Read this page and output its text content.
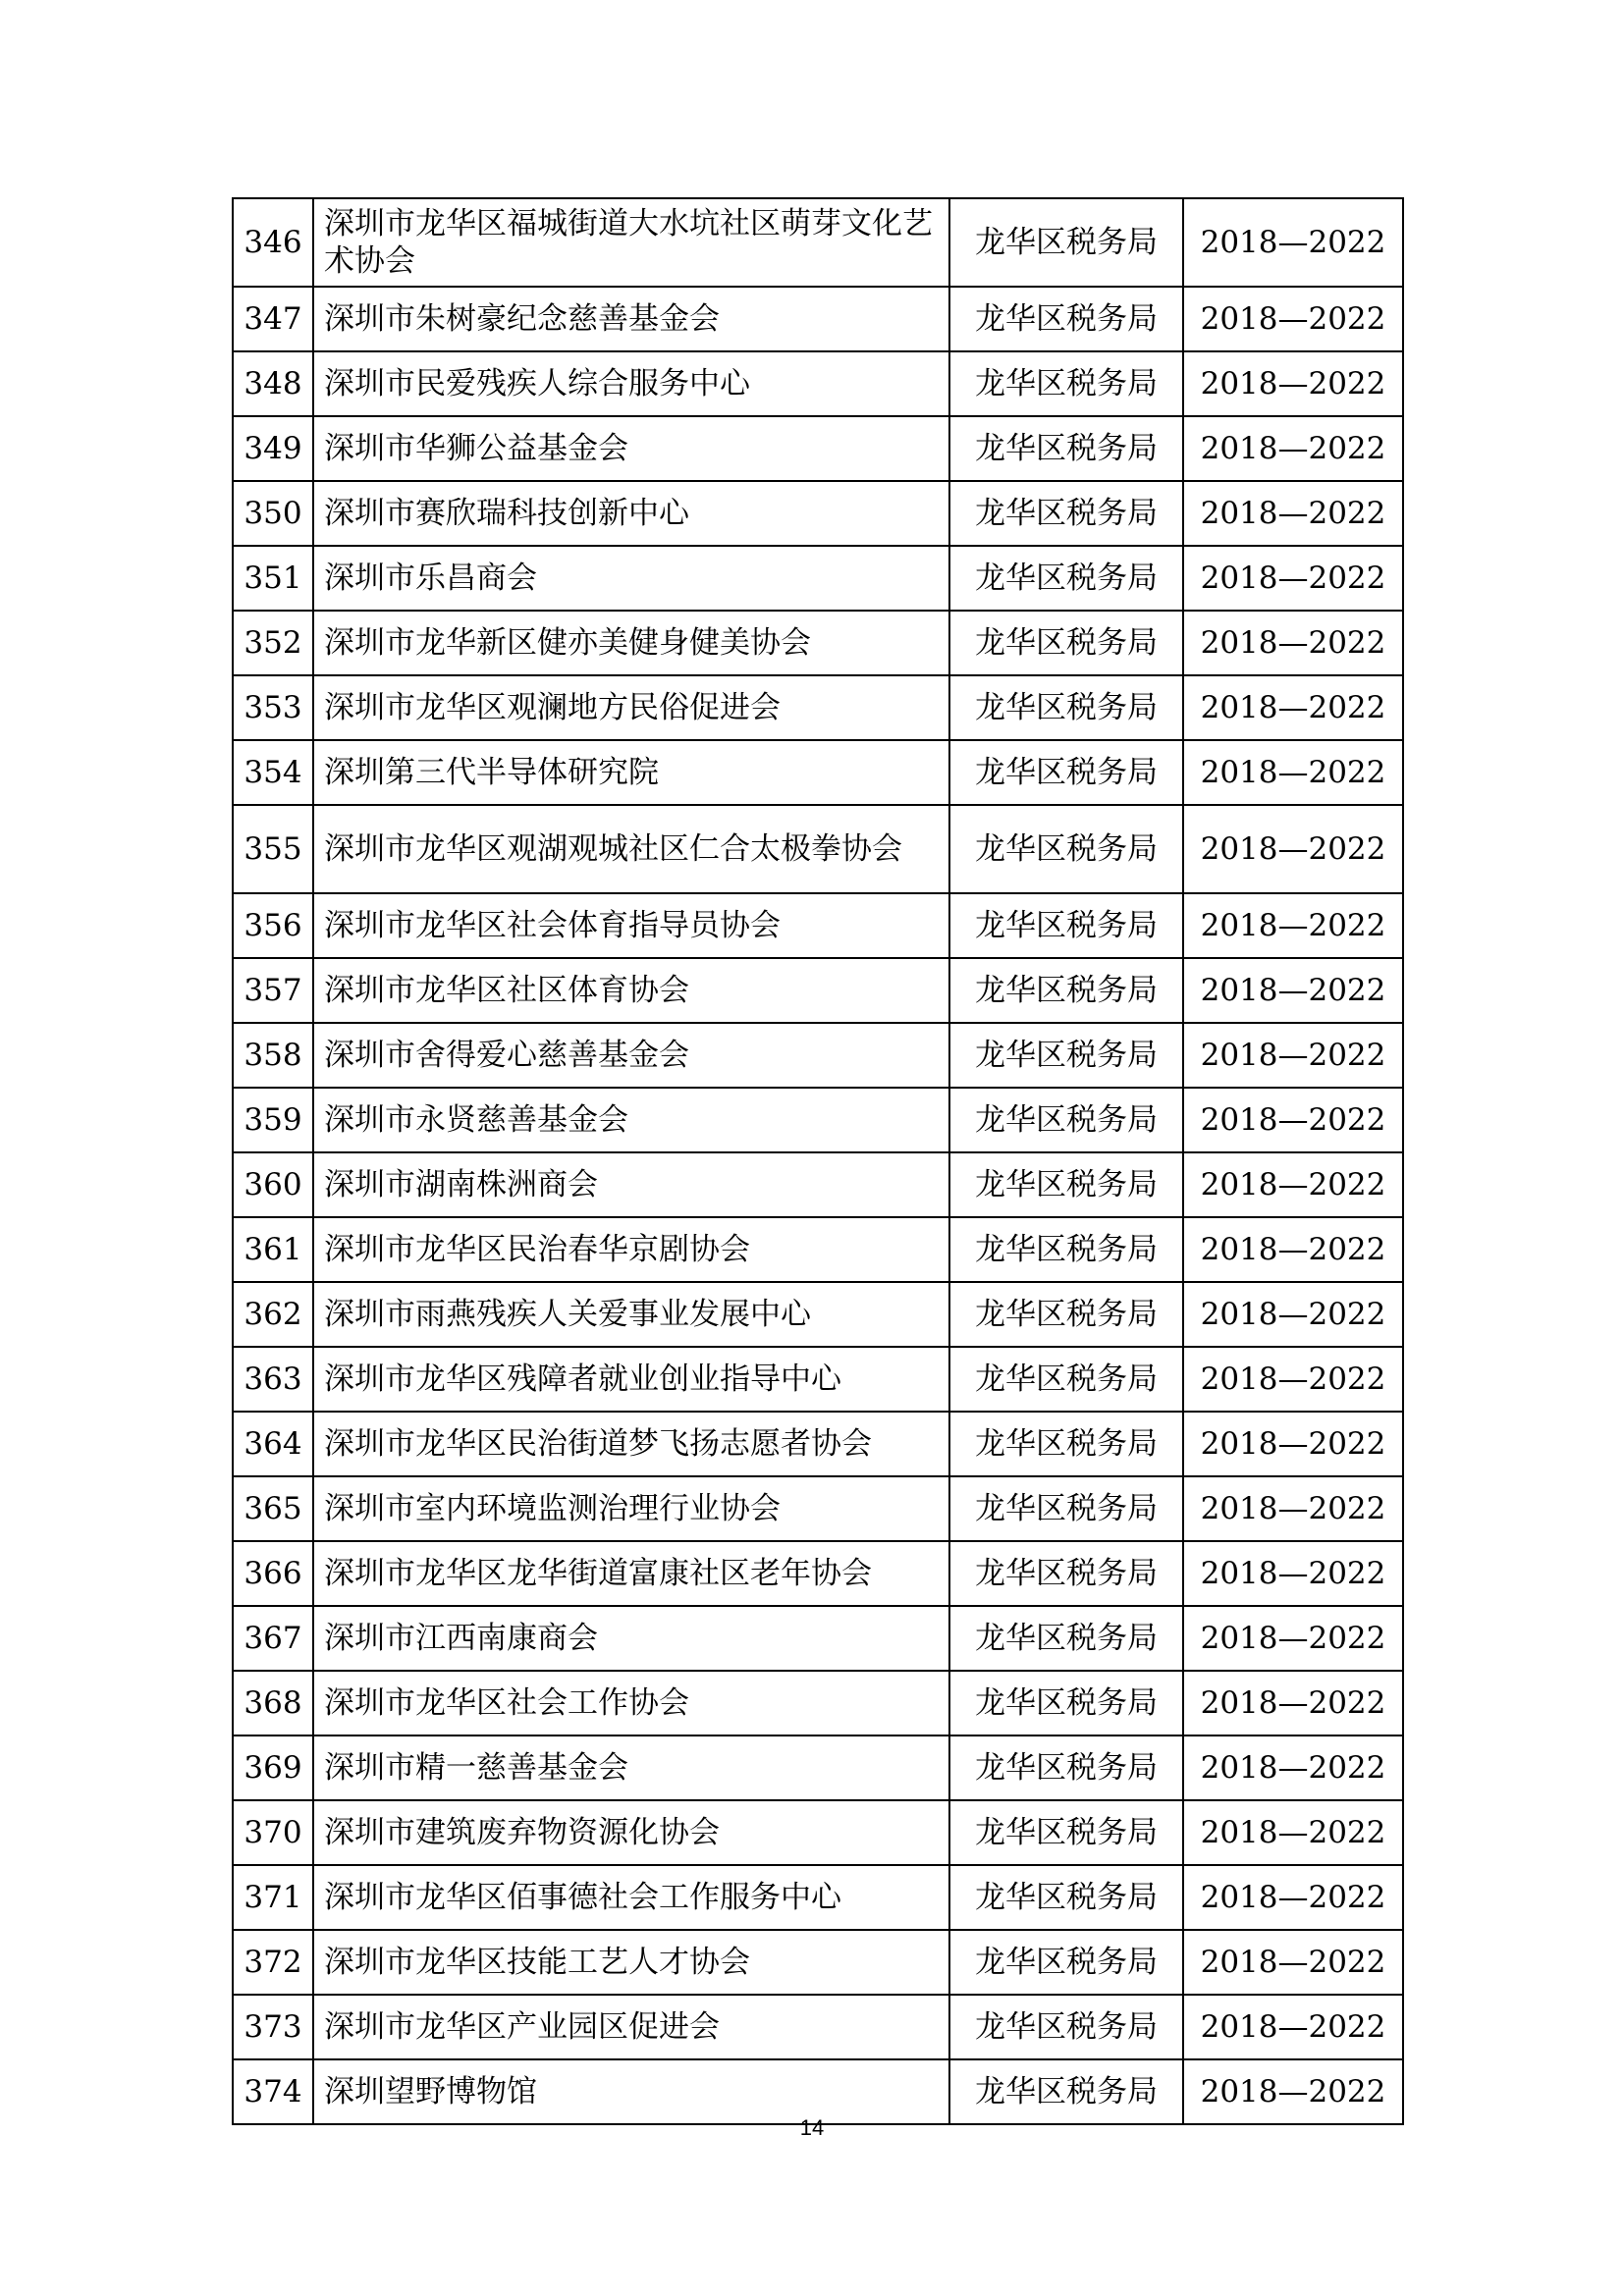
346	深圳市龙华区福城街道大水坑社区萌芽文化艺术协会	龙华区税务局	2018—2022
347	深圳市朱树豪纪念慈善基金会	龙华区税务局	2018—2022
348	深圳市民爱残疾人综合服务中心	龙华区税务局	2018—2022
349	深圳市华狮公益基金会	龙华区税务局	2018—2022
350	深圳市赛欣瑞科技创新中心	龙华区税务局	2018—2022
351	深圳市乐昌商会	龙华区税务局	2018—2022
352	深圳市龙华新区健亦美健身健美协会	龙华区税务局	2018—2022
353	深圳市龙华区观澜地方民俗促进会	龙华区税务局	2018—2022
354	深圳第三代半导体研究院	龙华区税务局	2018—2022
355	深圳市龙华区观湖观城社区仁合太极拳协会	龙华区税务局	2018—2022
356	深圳市龙华区社会体育指导员协会	龙华区税务局	2018—2022
357	深圳市龙华区社区体育协会	龙华区税务局	2018—2022
358	深圳市舍得爱心慈善基金会	龙华区税务局	2018—2022
359	深圳市永贤慈善基金会	龙华区税务局	2018—2022
360	深圳市湖南株洲商会	龙华区税务局	2018—2022
361	深圳市龙华区民治春华京剧协会	龙华区税务局	2018—2022
362	深圳市雨燕残疾人关爱事业发展中心	龙华区税务局	2018—2022
363	深圳市龙华区残障者就业创业指导中心	龙华区税务局	2018—2022
364	深圳市龙华区民治街道梦飞扬志愿者协会	龙华区税务局	2018—2022
365	深圳市室内环境监测治理行业协会	龙华区税务局	2018—2022
366	深圳市龙华区龙华街道富康社区老年协会	龙华区税务局	2018—2022
367	深圳市江西南康商会	龙华区税务局	2018—2022
368	深圳市龙华区社会工作协会	龙华区税务局	2018—2022
369	深圳市精一慈善基金会	龙华区税务局	2018—2022
370	深圳市建筑废弃物资源化协会	龙华区税务局	2018—2022
371	深圳市龙华区佰事德社会工作服务中心	龙华区税务局	2018—2022
372	深圳市龙华区技能工艺人才协会	龙华区税务局	2018—2022
373	深圳市龙华区产业园区促进会	龙华区税务局	2018—2022
374	深圳望野博物馆	龙华区税务局	2018—2022
14
